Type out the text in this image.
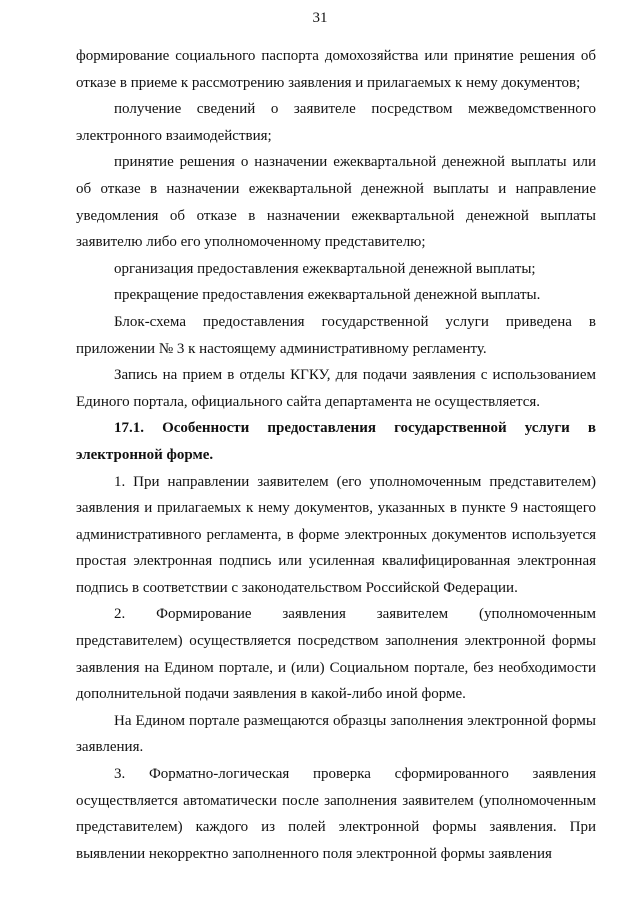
31

формирование социального паспорта домохозяйства или принятие решения об отказе в приеме к рассмотрению заявления и прилагаемых к нему документов;

получение сведений о заявителе посредством межведомственного электронного взаимодействия;

принятие решения о назначении ежеквартальной денежной выплаты или об отказе в назначении ежеквартальной денежной выплаты и направление уведомления об отказе в назначении ежеквартальной денежной выплаты заявителю либо его уполномоченному представителю;

организация предоставления ежеквартальной денежной выплаты;

прекращение предоставления ежеквартальной денежной выплаты.

Блок-схема предоставления государственной услуги приведена в приложении № 3 к настоящему административному регламенту.

Запись на прием в отделы КГКУ, для подачи заявления с использованием Единого портала, официального сайта департамента не осуществляется.

17.1. Особенности предоставления государственной услуги в электронной форме.

1. При направлении заявителем (его уполномоченным представителем) заявления и прилагаемых к нему документов, указанных в пункте 9 настоящего административного регламента, в форме электронных документов используется простая электронная подпись или усиленная квалифицированная электронная подпись в соответствии с законодательством Российской Федерации.

2. Формирование заявления заявителем (уполномоченным представителем) осуществляется посредством заполнения электронной формы заявления на Едином портале, и (или) Социальном портале, без необходимости дополнительной подачи заявления в какой-либо иной форме.

На Едином портале размещаются образцы заполнения электронной формы заявления.

3. Форматно-логическая проверка сформированного заявления осуществляется автоматически после заполнения заявителем (уполномоченным представителем) каждого из полей электронной формы заявления. При выявлении некорректно заполненного поля электронной формы заявления
